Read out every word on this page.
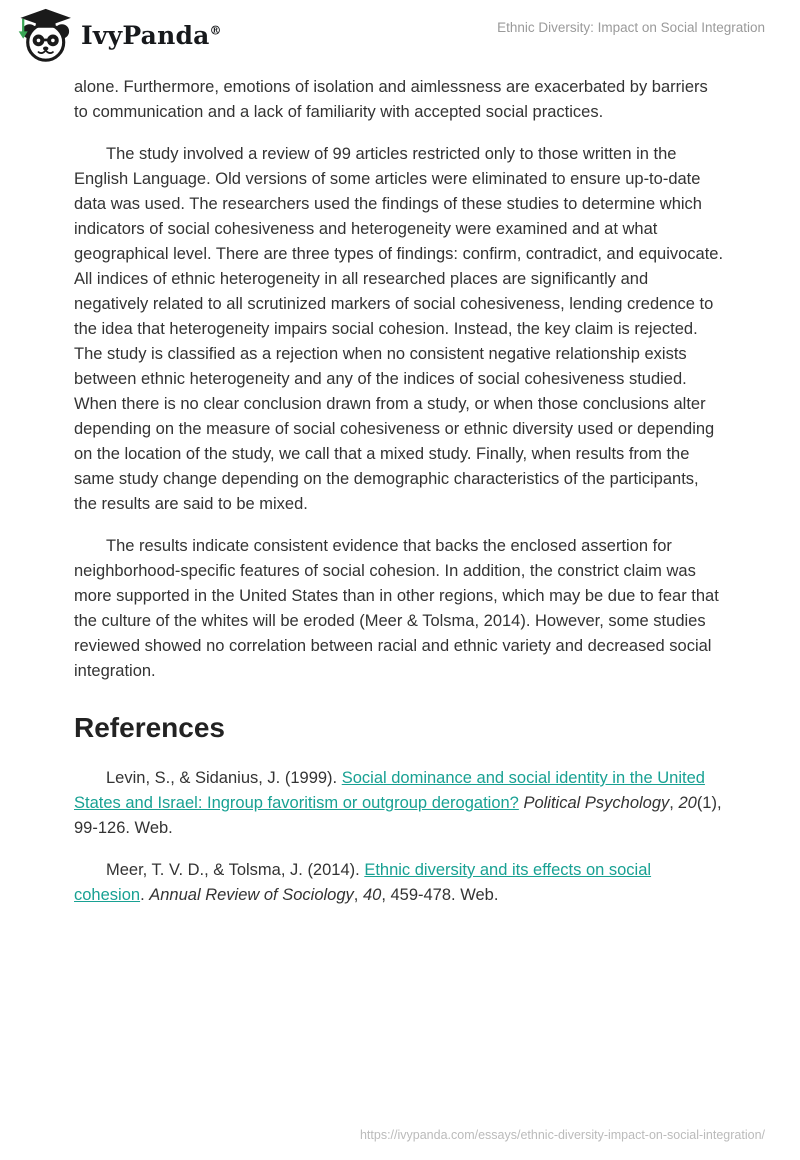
IvyPanda®	Ethnic Diversity: Impact on Social Integration

alone. Furthermore, emotions of isolation and aimlessness are exacerbated by barriers to communication and a lack of familiarity with accepted social practices.

The study involved a review of 99 articles restricted only to those written in the English Language. Old versions of some articles were eliminated to ensure up-to-date data was used. The researchers used the findings of these studies to determine which indicators of social cohesiveness and heterogeneity were examined and at what geographical level. There are three types of findings: confirm, contradict, and equivocate. All indices of ethnic heterogeneity in all researched places are significantly and negatively related to all scrutinized markers of social cohesiveness, lending credence to the idea that heterogeneity impairs social cohesion. Instead, the key claim is rejected. The study is classified as a rejection when no consistent negative relationship exists between ethnic heterogeneity and any of the indices of social cohesiveness studied. When there is no clear conclusion drawn from a study, or when those conclusions alter depending on the measure of social cohesiveness or ethnic diversity used or depending on the location of the study, we call that a mixed study. Finally, when results from the same study change depending on the demographic characteristics of the participants, the results are said to be mixed.

The results indicate consistent evidence that backs the enclosed assertion for neighborhood-specific features of social cohesion. In addition, the constrict claim was more supported in the United States than in other regions, which may be due to fear that the culture of the whites will be eroded (Meer & Tolsma, 2014). However, some studies reviewed showed no correlation between racial and ethnic variety and decreased social integration.

References

Levin, S., & Sidanius, J. (1999). Social dominance and social identity in the United States and Israel: Ingroup favoritism or outgroup derogation? Political Psychology, 20(1), 99-126. Web.

Meer, T. V. D., & Tolsma, J. (2014). Ethnic diversity and its effects on social cohesion. Annual Review of Sociology, 40, 459-478. Web.

https://ivypanda.com/essays/ethnic-diversity-impact-on-social-integration/
